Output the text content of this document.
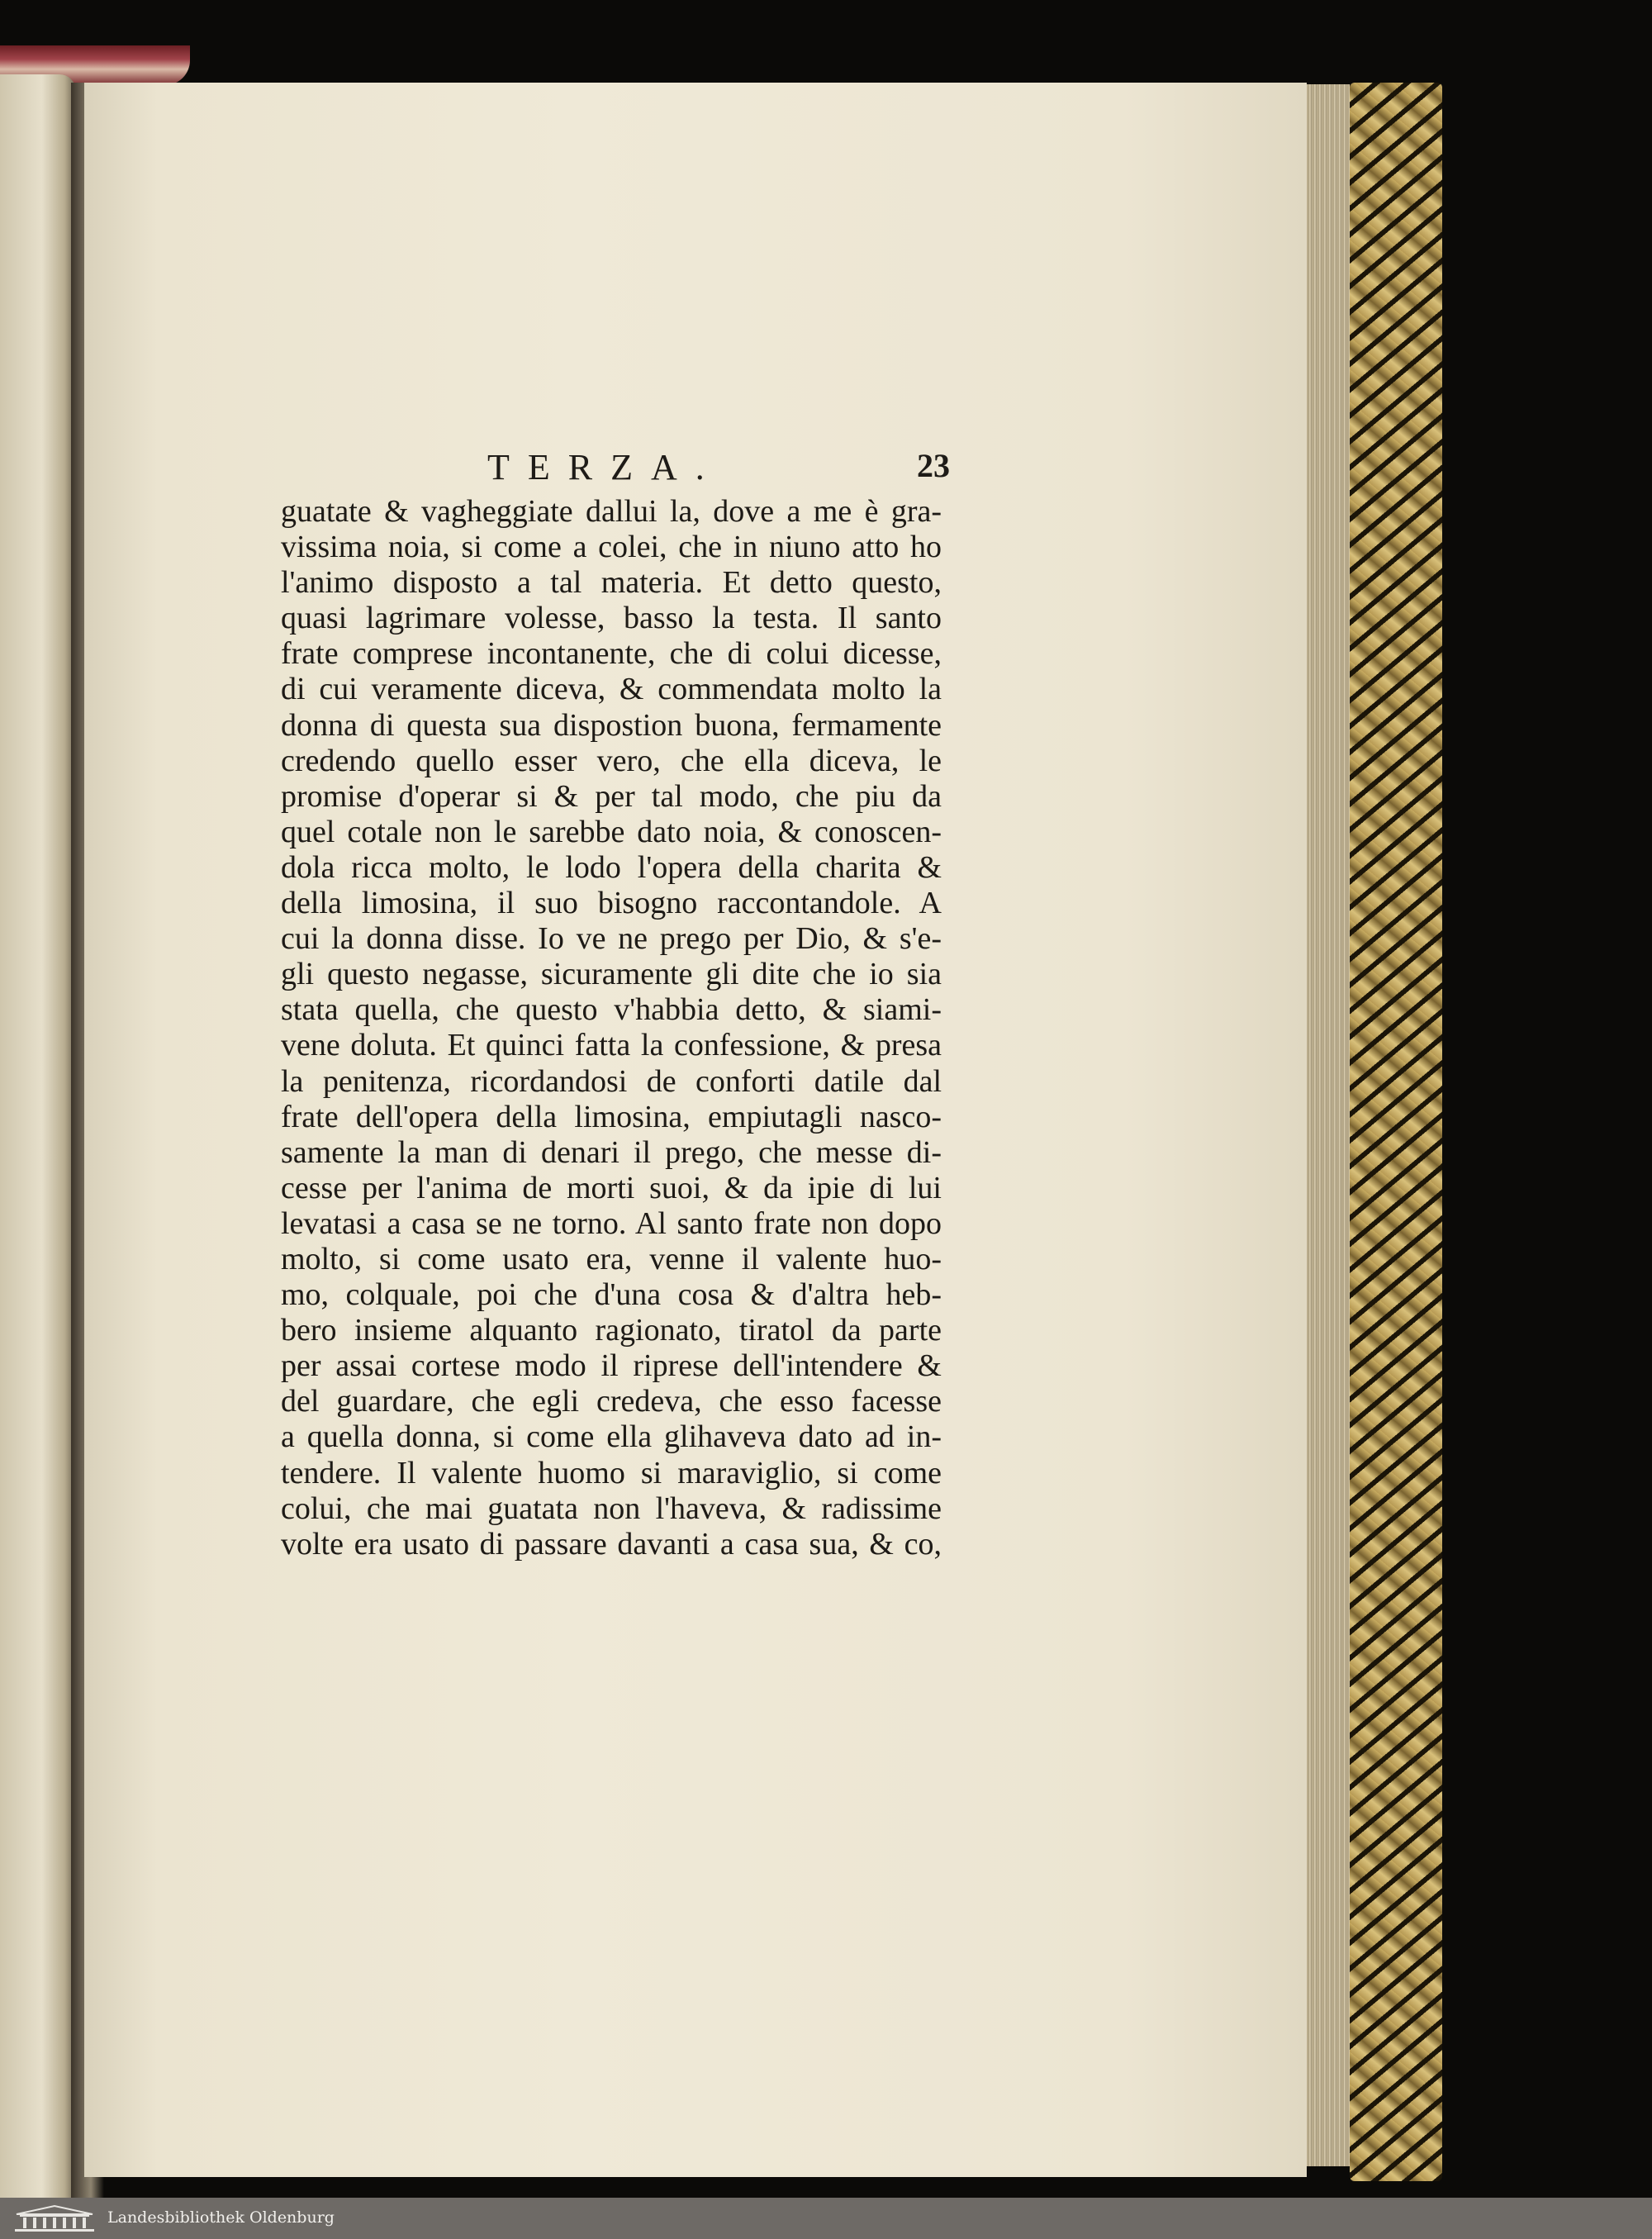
TERZA.	23
guatate & vagheggiate dallui la, dove a me è gra-
vissima noia, si come a colei, che in niuno atto ho
l'animo disposto a tal materia. Et detto questo,
quasi lagrimare volesse, basso la testa. Il santo
frate comprese incontanente, che di colui dicesse,
di cui veramente diceva, & commendata molto la
donna di questa sua dispostion buona, fermamente
credendo quello esser vero, che ella diceva, le
promise d'operar si & per tal modo, che piu da
quel cotale non le sarebbe dato noia, & conoscen-
dola ricca molto, le lodo l'opera della charita &
della limosina, il suo bisogno raccontandole. A
cui la donna disse. Io ve ne prego per Dio, & s'e-
gli questo negasse, sicuramente gli dite che io sia
stata quella, che questo v'habbia detto, & siami-
vene doluta. Et quinci fatta la confessione, & presa
la penitenza, ricordandosi de conforti datile dal
frate dell'opera della limosina, empiutagli nasco-
samente la man di denari il prego, che messe di-
cesse per l'anima de morti suoi, & da ipie di lui
levatasi a casa se ne torno. Al santo frate non dopo
molto, si come usato era, venne il valente huo-
mo, colquale, poi che d'una cosa & d'altra heb-
bero insieme alquanto ragionato, tiratol da parte
per assai cortese modo il riprese dell'intendere &
del guardare, che egli credeva, che esso facesse
a quella donna, si come ella glihaveva dato ad in-
tendere. Il valente huomo si maraviglio, si come
colui, che mai guatata non l'haveva, & radissime
volte era usato di passare davanti a casa sua, & co,
Landesbibliothek Oldenburg
